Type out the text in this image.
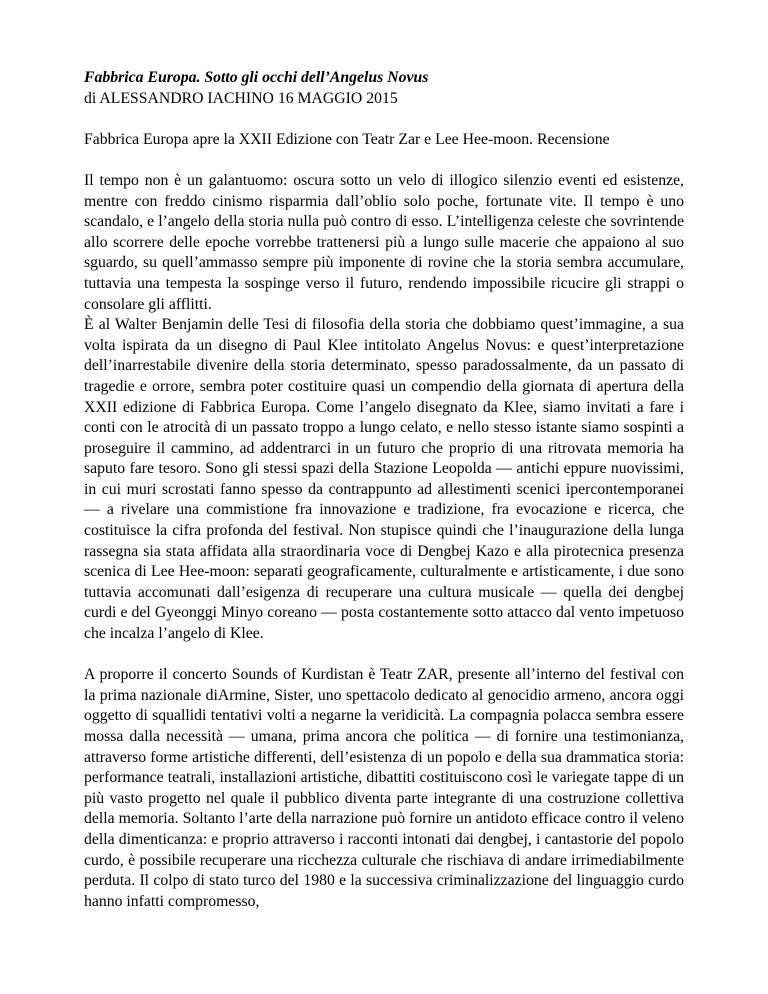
Fabbrica Europa. Sotto gli occhi dell’Angelus Novus

di ALESSANDRO IACHINO 16 MAGGIO 2015

Fabbrica Europa apre la XXII Edizione con Teatr Zar e Lee Hee-moon. Recensione

Il tempo non è un galantuomo: oscura sotto un velo di illogico silenzio eventi ed esistenze, mentre con freddo cinismo risparmia dall’oblio solo poche, fortunate vite. Il tempo è uno scandalo, e l’angelo della storia nulla può contro di esso. L’intelligenza celeste che sovrintende allo scorrere delle epoche vorrebbe trattenersi più a lungo sulle macerie che appaiono al suo sguardo, su quell’ammasso sempre più imponente di rovine che la storia sembra accumulare, tuttavia una tempesta la sospinge verso il futuro, rendendo impossibile ricucire gli strappi o consolare gli afflitti.

È al Walter Benjamin delle Tesi di filosofia della storia che dobbiamo quest’immagine, a sua volta ispirata da un disegno di Paul Klee intitolato Angelus Novus: e quest’interpretazione dell’inarrestabile divenire della storia determinato, spesso paradossalmente, da un passato di tragedie e orrore, sembra poter costituire quasi un compendio della giornata di apertura della XXII edizione di Fabbrica Europa. Come l’angelo disegnato da Klee, siamo invitati a fare i conti con le atrocità di un passato troppo a lungo celato, e nello stesso istante siamo sospinti a proseguire il cammino, ad addentrarci in un futuro che proprio di una ritrovata memoria ha saputo fare tesoro. Sono gli stessi spazi della Stazione Leopolda — antichi eppure nuovissimi, in cui muri scrostati fanno spesso da contrappunto ad allestimenti scenici ipercontemporanei — a rivelare una commistione fra innovazione e tradizione, fra evocazione e ricerca, che costituisce la cifra profonda del festival. Non stupisce quindi che l’inaugurazione della lunga rassegna sia stata affidata alla straordinaria voce di Dengbej Kazo e alla pirotecnica presenza scenica di Lee Hee-moon: separati geograficamente, culturalmente e artisticamente, i due sono tuttavia accomunati dall’esigenza di recuperare una cultura musicale — quella dei dengbej curdi e del Gyeonggi Minyo coreano — posta costantemente sotto attacco dal vento impetuoso che incalza l’angelo di Klee.

A proporre il concerto Sounds of Kurdistan è Teatr ZAR, presente all’interno del festival con la prima nazionale diArmine, Sister, uno spettacolo dedicato al genocidio armeno, ancora oggi oggetto di squallidi tentativi volti a negarne la veridicità. La compagnia polacca sembra essere mossa dalla necessità — umana, prima ancora che politica — di fornire una testimonianza, attraverso forme artistiche differenti, dell’esistenza di un popolo e della sua drammatica storia: performance teatrali, installazioni artistiche, dibattiti costituiscono così le variegate tappe di un più vasto progetto nel quale il pubblico diventa parte integrante di una costruzione collettiva della memoria. Soltanto l’arte della narrazione può fornire un antidoto efficace contro il veleno della dimenticanza: e proprio attraverso i racconti intonati dai dengbej, i cantastorie del popolo curdo, è possibile recuperare una ricchezza culturale che rischiava di andare irrimediabilmente perduta. Il colpo di stato turco del 1980 e la successiva criminalizzazione del linguaggio curdo hanno infatti compromesso,
